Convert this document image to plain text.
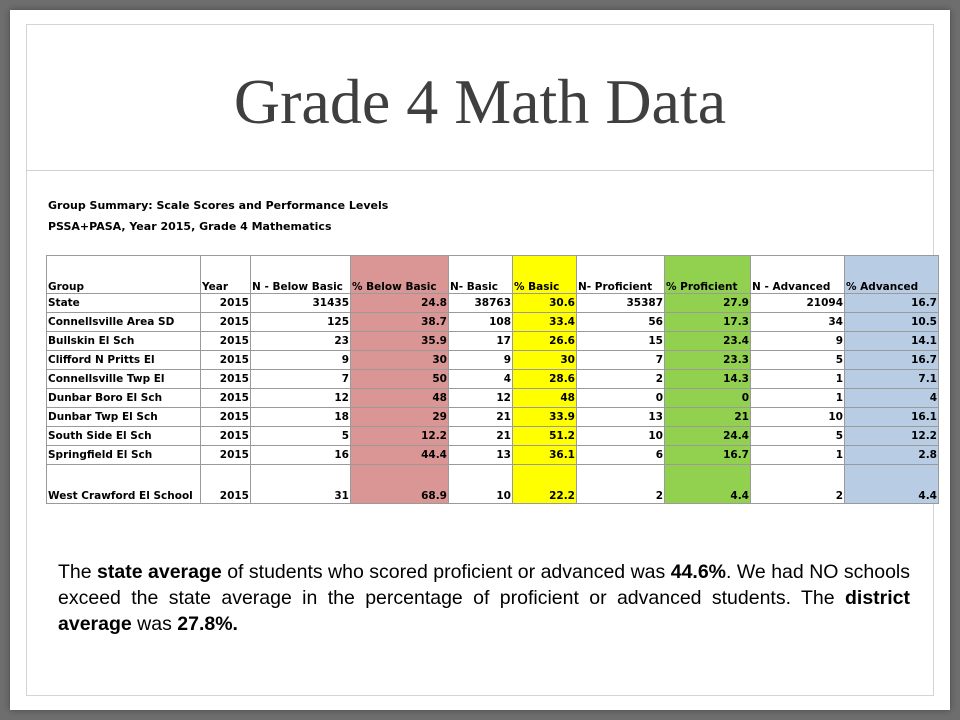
Grade 4 Math Data
Group Summary: Scale Scores and Performance Levels
PSSA+PASA, Year 2015, Grade 4 Mathematics
Group	Year	N - Below Basic	% Below Basic	N- Basic	% Basic	N- Proficient	% Proficient	N - Advanced	% Advanced
State	2015	31435	24.8	38763	30.6	35387	27.9	21094	16.7
Connellsville Area SD	2015	125	38.7	108	33.4	56	17.3	34	10.5
Bullskin El Sch	2015	23	35.9	17	26.6	15	23.4	9	14.1
Clifford N Pritts El	2015	9	30	9	30	7	23.3	5	16.7
Connellsville Twp El	2015	7	50	4	28.6	2	14.3	1	7.1
Dunbar Boro El Sch	2015	12	48	12	48	0	0	1	4
Dunbar Twp El Sch	2015	18	29	21	33.9	13	21	10	16.1
South Side El Sch	2015	5	12.2	21	51.2	10	24.4	5	12.2
Springfield El Sch	2015	16	44.4	13	36.1	6	16.7	1	2.8
West Crawford El School	2015	31	68.9	10	22.2	2	4.4	2	4.4
The state average of students who scored proficient or advanced was 44.6%. We had NO schools exceed the state average in the percentage of proficient or advanced students. The district average was 27.8%.
